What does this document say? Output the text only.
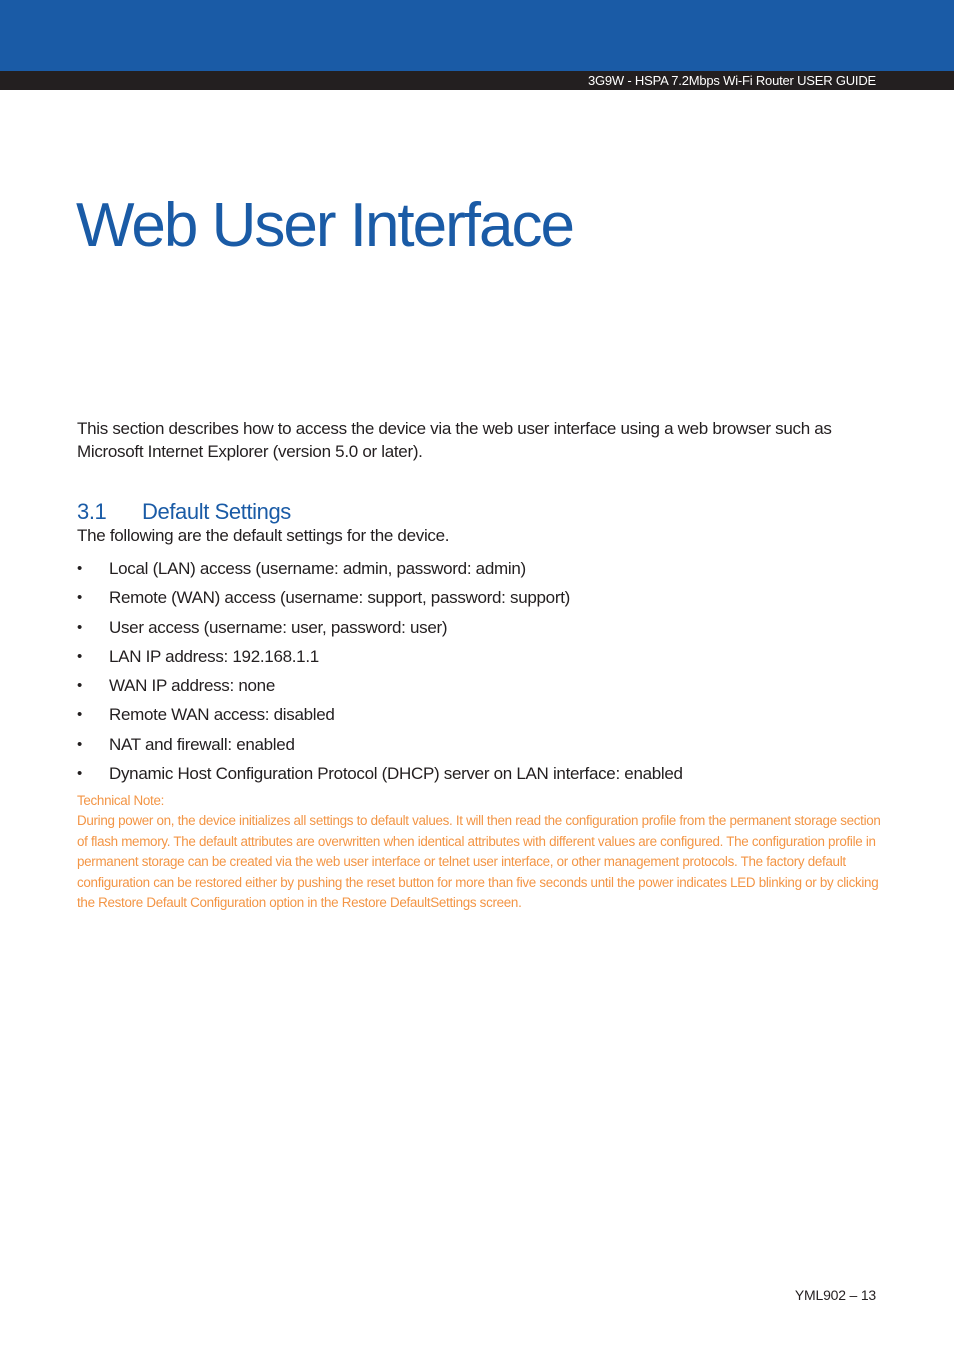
3G9W - HSPA 7.2Mbps Wi-Fi Router USER GUIDE
Web User Interface

This section describes how to access the device via the web user interface using a web browser such as Microsoft Internet Explorer (version 5.0 or later).

3.1 Default Settings

The following are the default settings for the device.

•	Local (LAN) access (username: admin, password: admin)
•	Remote (WAN) access (username: support, password: support)
•	User access (username: user, password: user)
•	LAN IP address: 192.168.1.1
•	WAN IP address: none
•	Remote WAN access: disabled
•	NAT and firewall: enabled
•	Dynamic Host Configuration Protocol (DHCP) server on LAN interface: enabled

Technical Note:

During power on, the device initializes all settings to default values. It will then read the configuration profile from the permanent storage section of flash memory. The default attributes are overwritten when identical attributes with different values are configured. The configuration profile in permanent storage can be created via the web user interface or telnet user interface, or other management protocols. The factory default configuration can be restored either by pushing the reset button for more than five seconds until the power indicates LED blinking or by clicking the Restore Default Configuration option in the Restore DefaultSettings screen.

YML902 – 13
